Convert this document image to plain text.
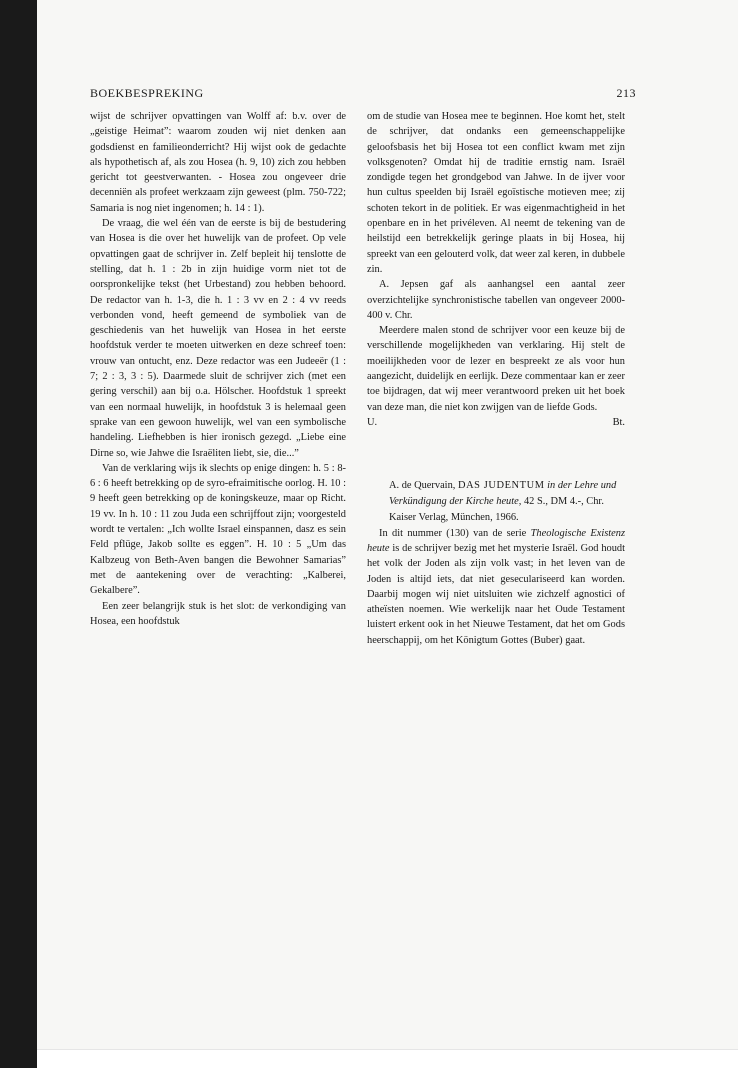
BOEKBESPREKING	213

wijst de schrijver opvattingen van Wolff af: b.v. over de „geistige Heimat”: waarom zouden wij niet denken aan godsdienst en familieonderricht? Hij wijst ook de gedachte als hypothetisch af, als zou Hosea (h. 9, 10) zich zou hebben gericht tot geestverwanten. - Hosea zou ongeveer drie decenniën als profeet werkzaam zijn geweest (plm. 750-722; Samaria is nog niet ingenomen; h. 14 : 1).

De vraag, die wel één van de eerste is bij de bestudering van Hosea is die over het huwelijk van de profeet. Op vele opvattingen gaat de schrijver in. Zelf bepleit hij tenslotte de stelling, dat h. 1 : 2b in zijn huidige vorm niet tot de oorspronkelijke tekst (het Urbestand) zou hebben behoord. De redactor van h. 1-3, die h. 1 : 3 vv en 2 : 4 vv reeds verbonden vond, heeft gemeend de symboliek van de geschiedenis van het huwelijk van Hosea in het eerste hoofdstuk verder te moeten uitwerken en deze schreef toen: vrouw van ontucht, enz. Deze redactor was een Judeeër (1 : 7; 2 : 3, 3 : 5). Daarmede sluit de schrijver zich (met een gering verschil) aan bij o.a. Hölscher. Hoofdstuk 1 spreekt van een normaal huwelijk, in hoofdstuk 3 is helemaal geen sprake van een gewoon huwelijk, wel van een symbolische handeling. Liefhebben is hier ironisch gezegd. „Liebe eine Dirne so, wie Jahwe die Israëliten liebt, sie, die...”

Van de verklaring wijs ik slechts op enige dingen: h. 5 : 8-6 : 6 heeft betrekking op de syro-efraimitische oorlog. H. 10 : 9 heeft geen betrekking op de koningskeuze, maar op Richt. 19 vv. In h. 10 : 11 zou Juda een schrijffout zijn; voorgesteld wordt te vertalen: „Ich wollte Israel einspannen, dasz es sein Feld pflüge, Jakob sollte es eggen”. H. 10 : 5 „Um das Kalbzeug von Beth-Aven bangen die Bewohner Samarias” met de aantekening over de verachting: „Kalberei, Gekalbere”.

Een zeer belangrijk stuk is het slot: de verkondiging van Hosea, een hoofdstuk

om de studie van Hosea mee te beginnen. Hoe komt het, stelt de schrijver, dat ondanks een gemeenschappelijke geloofsbasis het bij Hosea tot een conflict kwam met zijn volksgenoten? Omdat hij de traditie ernstig nam. Israël zondigde tegen het grondgebod van Jahwe. In de ijver voor hun cultus speelden bij Israël egoïstische motieven mee; zij schoten tekort in de politiek. Er was eigenmachtigheid in het openbare en in het privéleven. Al neemt de tekening van de heilstijd een betrekkelijk geringe plaats in bij Hosea, hij spreekt van een gelouterd volk, dat weer zal keren, in dubbele zin.

A. Jepsen gaf als aanhangsel een aantal zeer overzichtelijke synchronistische tabellen van ongeveer 2000-400 v. Chr.

Meerdere malen stond de schrijver voor een keuze bij de verschillende mogelijkheden van verklaring. Hij stelt de moeilijkheden voor de lezer en bespreekt ze als voor hun aangezicht, duidelijk en eerlijk. Deze commentaar kan er zeer toe bijdragen, dat wij meer verantwoord preken uit het boek van deze man, die niet kon zwijgen van de liefde Gods.

U.	Bt.
A. de Quervain, DAS JUDENTUM in der Lehre und Verkündigung der Kirche heute, 42 S., DM 4.-, Chr. Kaiser Verlag, München, 1966.

In dit nummer (130) van de serie Theologische Existenz heute is de schrijver bezig met het mysterie Israël. God houdt het volk der Joden als zijn volk vast; in het leven van de Joden is altijd iets, dat niet geseculariseerd kan worden. Daarbij mogen wij niet uitsluiten wie zichzelf agnostici of atheïsten noemen. Wie werkelijk naar het Oude Testament luistert erkent ook in het Nieuwe Testament, dat het om Gods heerschappij, om het Königtum Gottes (Buber) gaat.
